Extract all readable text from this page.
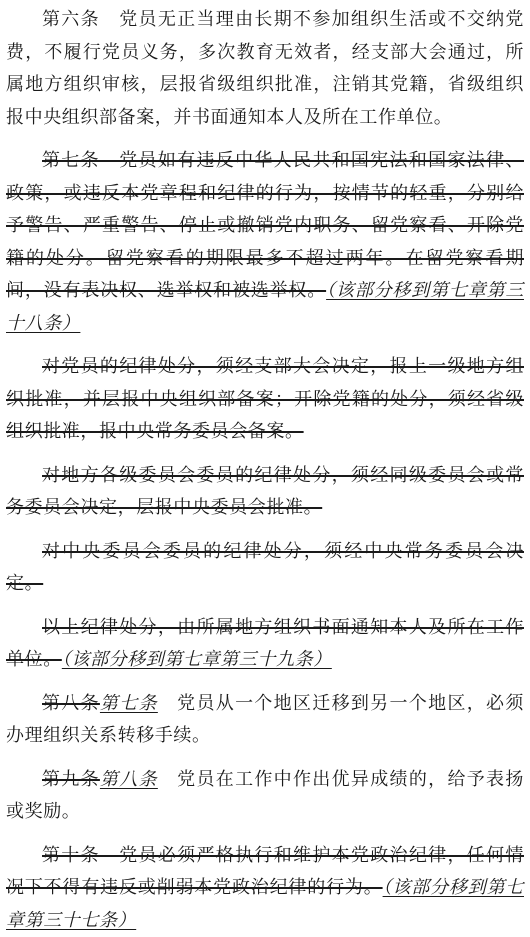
第六条　党员无正当理由长期不参加组织生活或不交纳党费，不履行党员义务，多次教育无效者，经支部大会通过，所属地方组织审核，层报省级组织批准，注销其党籍，省级组织报中央组织部备案，并书面通知本人及所在工作单位。

第七条　党员如有违反中华人民共和国宪法和国家法律、政策，或违反本党章程和纪律的行为，按情节的轻重，分别给予警告、严重警告、停止或撤销党内职务、留党察看、开除党籍的处分。留党察看的期限最多不超过两年。在留党察看期间，没有表决权、选举权和被选举权。（该部分移到第七章第三十八条）

对党员的纪律处分，须经支部大会决定，报上一级地方组织批准，并层报中央组织部备案；开除党籍的处分，须经省级组织批准，报中央常务委员会备案。

对地方各级委员会委员的纪律处分，须经同级委员会或常务委员会决定，层报中央委员会批准。

对中央委员会委员的纪律处分，须经中央常务委员会决定。

以上纪律处分，由所属地方组织书面通知本人及所在工作单位。（该部分移到第七章第三十九条）

第八条第七条　党员从一个地区迁移到另一个地区，必须办理组织关系转移手续。

第九条第八条　党员在工作中作出优异成绩的，给予表扬或奖励。

第十条　党员必须严格执行和维护本党政治纪律，任何情况下不得有违反或削弱本党政治纪律的行为。（该部分移到第七章第三十七条）
